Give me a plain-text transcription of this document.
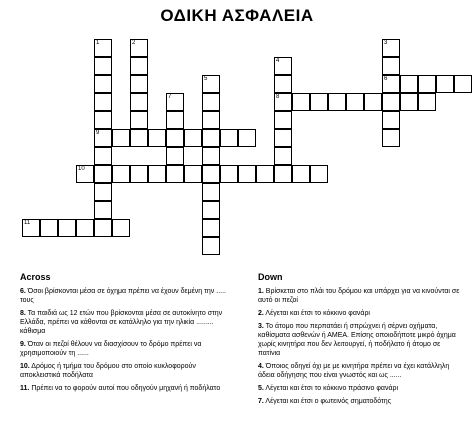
ΟΔΙΚΗ ΑΣΦΑΛΕΙΑ
1
9
2	3
6
4
8
5
7
10
11
Across
6. Όσοι βρίσκονται μέσα σε όχημα πρέπει να έχουν δεμένη την ..... τους
8. Τα παιδιά ως 12 ετών που βρίσκονται μέσα σε αυτοκίνητο στην Ελλάδα, πρέπει να κάθονται σε κατάλληλο για την ηλικία ......... κάθισμα
9. Όταν οι πεζοί θέλουν να διασχίσουν το δρόμο πρέπει να χρησιμοποιούν τη ......
10. Δρόμος ή τμήμα του δρόμου στο οποίο κυκλοφορούν αποκλειστικά ποδήλατα
11. Πρέπει να το φορούν αυτοί που οδηγούν μηχανή ή ποδήλατο
Down
1. Βρίσκεται στο πλάι του δρόμου και υπάρχει για να κινούνται σε αυτό οι πεζοί
2. Λέγεται και έτσι το κόκκινο φανάρι
3. Το άτομο που περπατάει ή σπρώχνει ή σέρνει οχήματα, καθίσματα ασθενών ή ΑΜΕΑ. Επίσης οποιοδήποτε μικρό όχημα χωρίς κινητήρα που δεν λειτουργεί, ή ποδήλατο ή άτομο σε πατίνια
4. Όποιος οδηγεί όχι με με κινητήρα πρέπει να έχει κατάλληλη άδεια οδήγησης που είναι γνωστός και ως ......
5. Λέγεται και έτσι το κόκκινο πράσινο φανάρι
7. Λέγεται και έτσι ο φωτεινός σηματοδότης
